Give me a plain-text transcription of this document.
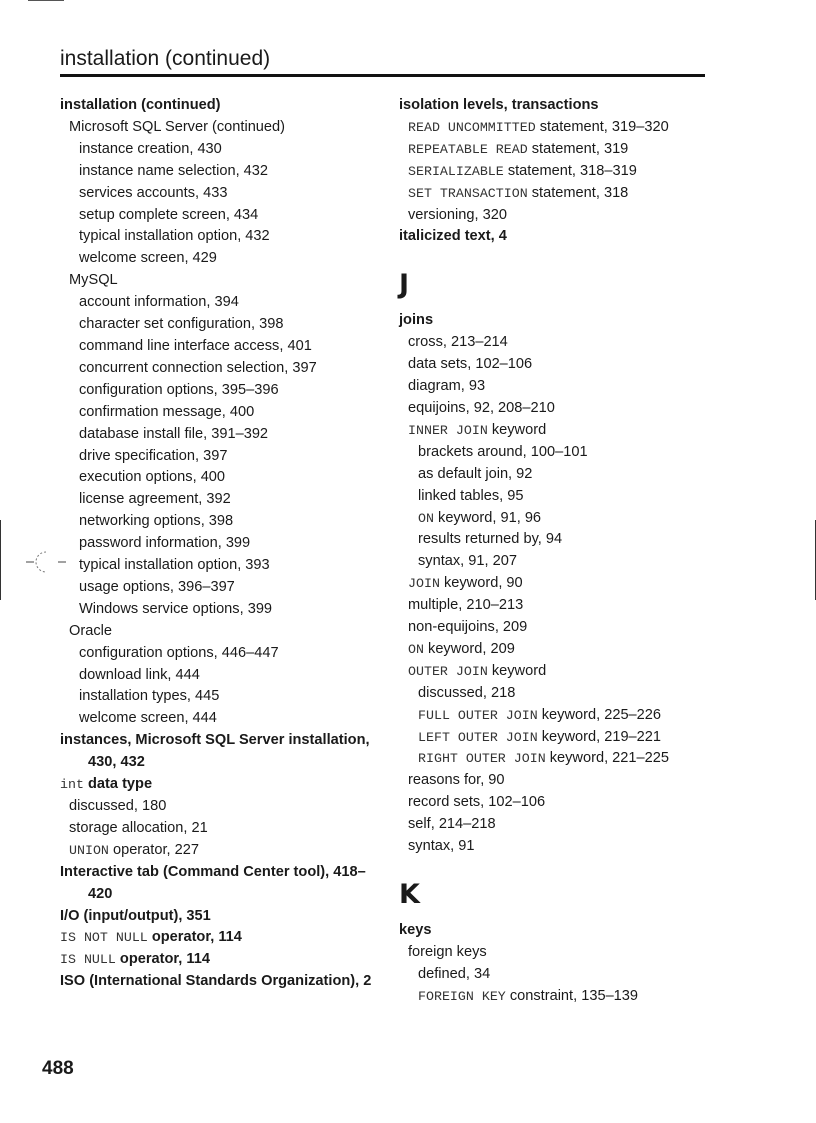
installation (continued)
installation (continued)
Microsoft SQL Server (continued)
instance creation, 430
instance name selection, 432
services accounts, 433
setup complete screen, 434
typical installation option, 432
welcome screen, 429
MySQL
account information, 394
character set configuration, 398
command line interface access, 401
concurrent connection selection, 397
configuration options, 395–396
confirmation message, 400
database install file, 391–392
drive specification, 397
execution options, 400
license agreement, 392
networking options, 398
password information, 399
typical installation option, 393
usage options, 396–397
Windows service options, 399
Oracle
configuration options, 446–447
download link, 444
installation types, 445
welcome screen, 444
instances, Microsoft SQL Server installation, 430, 432
int data type
discussed, 180
storage allocation, 21
UNION operator, 227
Interactive tab (Command Center tool), 418–420
I/O (input/output), 351
IS NOT NULL operator, 114
IS NULL operator, 114
ISO (International Standards Organization), 2
isolation levels, transactions
READ UNCOMMITTED statement, 319–320
REPEATABLE READ statement, 319
SERIALIZABLE statement, 318–319
SET TRANSACTION statement, 318
versioning, 320
italicized text, 4
J
joins
cross, 213–214
data sets, 102–106
diagram, 93
equijoins, 92, 208–210
INNER JOIN keyword
brackets around, 100–101
as default join, 92
linked tables, 95
ON keyword, 91, 96
results returned by, 94
syntax, 91, 207
JOIN keyword, 90
multiple, 210–213
non-equijoins, 209
ON keyword, 209
OUTER JOIN keyword
discussed, 218
FULL OUTER JOIN keyword, 225–226
LEFT OUTER JOIN keyword, 219–221
RIGHT OUTER JOIN keyword, 221–225
reasons for, 90
record sets, 102–106
self, 214–218
syntax, 91
K
keys
foreign keys
defined, 34
FOREIGN KEY constraint, 135–139
488
